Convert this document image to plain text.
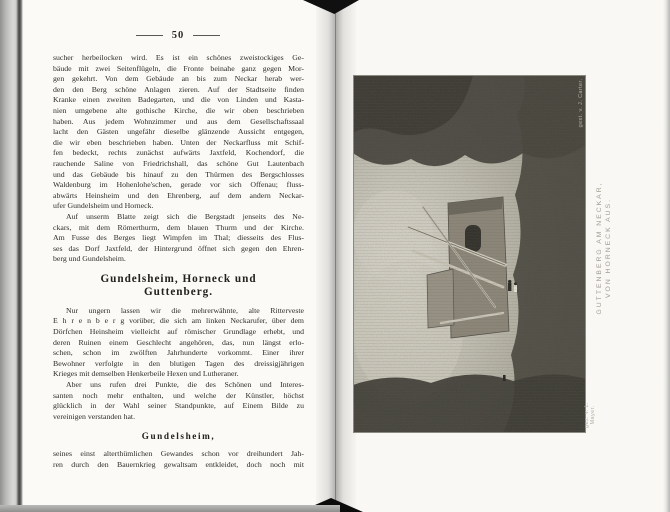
50
sucher herbeilocken wird. Es ist ein schönes zweistockiges Ge-
bäude mit zwei Seitenflügeln, die Fronte beinahe ganz gegen Mor-
gen gekehrt. Von dem Gebäude an bis zum Neckar herab wer-
den den Berg schöne Anlagen zieren. Auf der Stadtseite finden
Kranke einen zweiten Badegarten, und die von Linden und Kasta-
nien umgebene alte gothische Kirche, die wir oben beschrieben
haben. Aus jedem Wohnzimmer und aus dem Gesellschaftssaal
lacht den Gästen ungefähr dieselbe glänzende Aussicht entgegen,
die wir eben beschrieben haben. Unten der Neckarfluss mit Schif-
fen bedeckt, rechts zunächst aufwärts Jaxtfeld, Kochendorf, die
rauchende Saline von Friedrichshall, das schöne Gut Lautenbach
und das Gebäude bis hinauf zu den Thürmen des Bergschlosses
Waldenburg im Hohenlohe'schen, gerade vor sich Offenau; fluss-
abwärts Heinsheim und den Ehrenberg, auf dem andern Neckar-
ufer Gundelsheim und Horneck.
Auf unserm Blatte zeigt sich die Bergstadt jenseits des Ne-
ckars, mit dem Römerthurm, dem blauen Thurm und der Kirche.
Am Fusse des Berges liegt Wimpfen im Thal; diesseits des Flus-
ses das Dorf Jaxtfeld, der Hintergrund öffnet sich gegen den Ehren-
berg und Gundelsheim.
Gundelsheim, Horneck und
Guttenberg.
Nur ungern lassen wir die mehrerwähnte, alte Ritterveste
E h r e n b e r g vorüber, die sich am linken Neckarufer, über dem
Dörfchen Heinsheim vielleicht auf römischer Grundlage erhebt, und
deren Ruinen einem Geschlecht angehören, das, nun längst erlo-
schen, schon im zwölften Jahrhunderte vorkommt. Einer ihrer
Bewohner verfolgte in den blutigen Tagen des dreissigjährigen
Krieges mit demselben Henkerbeile Hexen und Lutheraner.
Aber uns rufen drei Punkte, die des Schönen und Interes-
santen noch mehr enthalten, und welche der Künstler, höchst
glücklich in der Wahl seiner Standpunkte, auf Einem Bilde zu
vereinigen verstanden hat.
Gundelsheim,
seines einst alterthümlichen Gewandes schon vor dreihundert Jah-
ren durch den Bauernkrieg gewaltsam entkleidet, doch noch mit
GUTTENBERG AM NECKAR, VON HORNECK AUS.
gest. v. J. Carter.
gez. v. L. Mayer.
